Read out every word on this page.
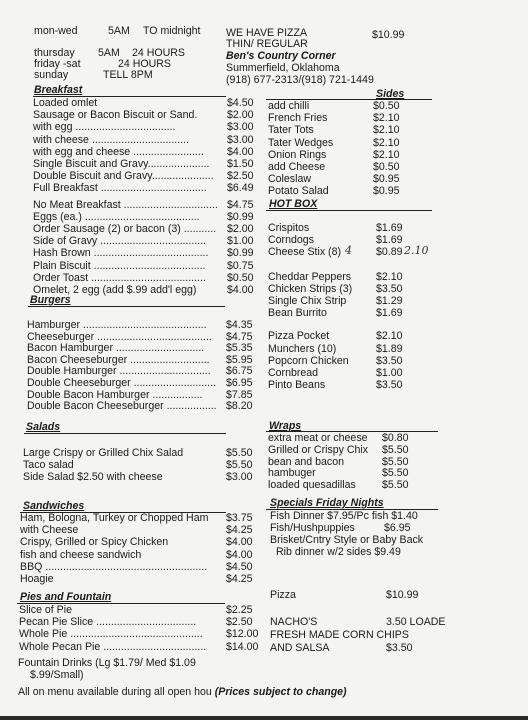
mon-wed	5AM TO midnight
thursday 5AM 24 HOURS
friday -sat	24 HOURS
sunday	TELL 8PM
WE HAVE PIZZA
THIN/ REGULAR
$10.99
Ben's Country Corner
Summerfield, Oklahoma
(918) 677-2313/(918) 721-1449
Breakfast
Loaded omlet	$4.50
Sausage or Bacon Biscuit or Sand.	$2.00
with egg ..................................	$3.00
with cheese .................................	$3.00
with egg and cheese ........................ $4.00
Single Biscuit and Gravy..................... $1.50
Double Biscuit and Gravy..................... $2.50
Full Breakfast .................................... $6.49
No Meat Breakfast ................................ $4.75
Eggs (ea.) .......................................	$0.99
Order Sausage (2) or bacon (3) ........... $2.00
Side of Gravy .................................... $1.00
Hash Brown ....................................... $0.99
Plain Biscuit ...................................... $0.75
Order Toast ....................................... $0.50
Omelet, 2 egg (add $.99 add'l egg)	$4.00
Sides
add chilli	$0.50
French Fries	$2.10
Tater Tots	$2.10
Tater Wedges	$2.10
Onion Rings	$2.10
add Cheese	$0.50
Coleslaw	$0.95
Potato Salad	$0.95
HOT BOX
Crispitos	$1.69
Corndogs	$1.69
Cheese Stix (8)	$0.89
Cheddar Peppers $2.10
Chicken Strips (3) $3.50
Single Chix Strip	$1.29
Bean Burrito	$1.69
Pizza Pocket	$2.10
Munchers (10)	$1.89
Popcorn Chicken	$3.50
Cornbread	$1.00
Pinto Beans	$3.50
4	2.10
Burgers
Hamburger .......................................... $4.35
Cheeseburger ....................................... $4.75
Bacon Hamburger .............................. $5.35
Bacon Cheeseburger ........................... $5.95
Double Hamburger ............................... $6.75
Double Cheeseburger ............................ $6.95
Double Bacon Hamburger ................. $7.85
Double Bacon Cheeseburger ................. $8.20
Salads
Large Crispy or Grilled Chix Salad	$5.50
Taco salad	$5.50
Side Salad $2.50 with cheese	$3.00
Wraps
extra meat or cheese $0.80
Grilled or Crispy Chix $5.50
bean and bacon	$5.50
hambuger	$5.50
loaded quesadillas $5.50
Sandwiches
Ham, Bologna, Turkey or Chopped Ham $3.75
with Cheese	$4.25
Crispy, Grilled or Spicy Chicken	$4.00
fish and cheese sandwich	$4.00
BBQ ....................................................... $4.50
Hoagie	$4.25
Specials Friday Nights
Fish Dinner $7.95/Pc fish $1.40
Fish/Hushpuppies	$6.95
Brisket/Cntry Style or Baby Back
Rib dinner w/2 sides $9.49
Pies and Fountain
Slice of Pie	$2.25
Pecan Pie Slice ..................................	$2.50
Whole Pie ............................................. $12.00
Whole Pecan Pie ................................... $14.00
Fountain Drinks (Lg $1.79/ Med $1.09
$.99/Small)
Pizza	$10.99
NACHO'S	3.50 LOADE
FRESH MADE CORN CHIPS
AND SALSA	$3.50
All on menu available during all open hou (Prices subject to change)
